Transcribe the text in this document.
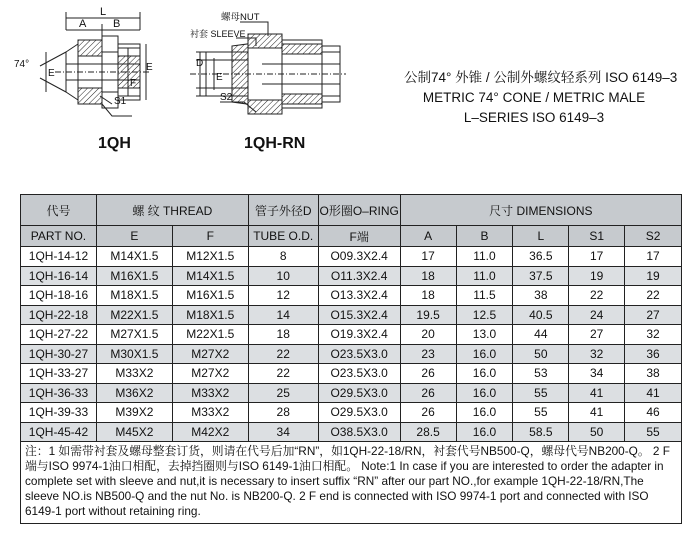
A B
L
74°
E
E
F
S1
螺母NUT
衬套 SLEEVE
D
E
S2
1QH	1QH-RN
公制74° 外锥 / 公制外螺纹轻系列 ISO 6149–3
METRIC 74° CONE / METRIC MALE
L–SERIES ISO 6149–3
代号	螺 纹 THREAD		管子外径D	O形圈O–RING	尺寸 DIMENSIONS				
PART NO.	E	F	TUBE O.D.	F端	A	B	L	S1	S2
1QH-14-12	M14X1.5	M12X1.5	8	O09.3X2.4	17	11.0	36.5	17	17
1QH-16-14	M16X1.5	M14X1.5	10	O11.3X2.4	18	11.0	37.5	19	19
1QH-18-16	M18X1.5	M16X1.5	12	O13.3X2.4	18	11.5	38	22	22
1QH-22-18	M22X1.5	M18X1.5	14	O15.3X2.4	19.5	12.5	40.5	24	27
1QH-27-22	M27X1.5	M22X1.5	18	O19.3X2.4	20	13.0	44	27	32
1QH-30-27	M30X1.5	M27X2	22	O23.5X3.0	23	16.0	50	32	36
1QH-33-27	M33X2	M27X2	22	O23.5X3.0	26	16.0	53	34	38
1QH-36-33	M36X2	M33X2	25	O29.5X3.0	26	16.0	55	41	41
1QH-39-33	M39X2	M33X2	28	O29.5X3.0	26	16.0	55	41	46
1QH-45-42	M45X2	M42X2	34	O38.5X3.0	28.5	16.0	58.5	50	55
注：1 如需带衬套及螺母整套订货，则请在代号后加“RN”，如1QH-22-18/RN，衬套代号NB500-Q，螺母代号NB200-Q。 2 F端与ISO 9974-1油口相配，去掉挡圈则与ISO 6149-1油口相配。 Note:1 In case if you are interested to order the adapter in complete set with sleeve and nut,it is necessary to insert suffix “RN” after our part NO.,for example 1QH-22-18/RN,The sleeve NO.is NB500-Q and the nut No. is NB200-Q. 2 F end is connected with ISO 9974-1 port and connected with ISO 6149-1 port without retaining ring.									
